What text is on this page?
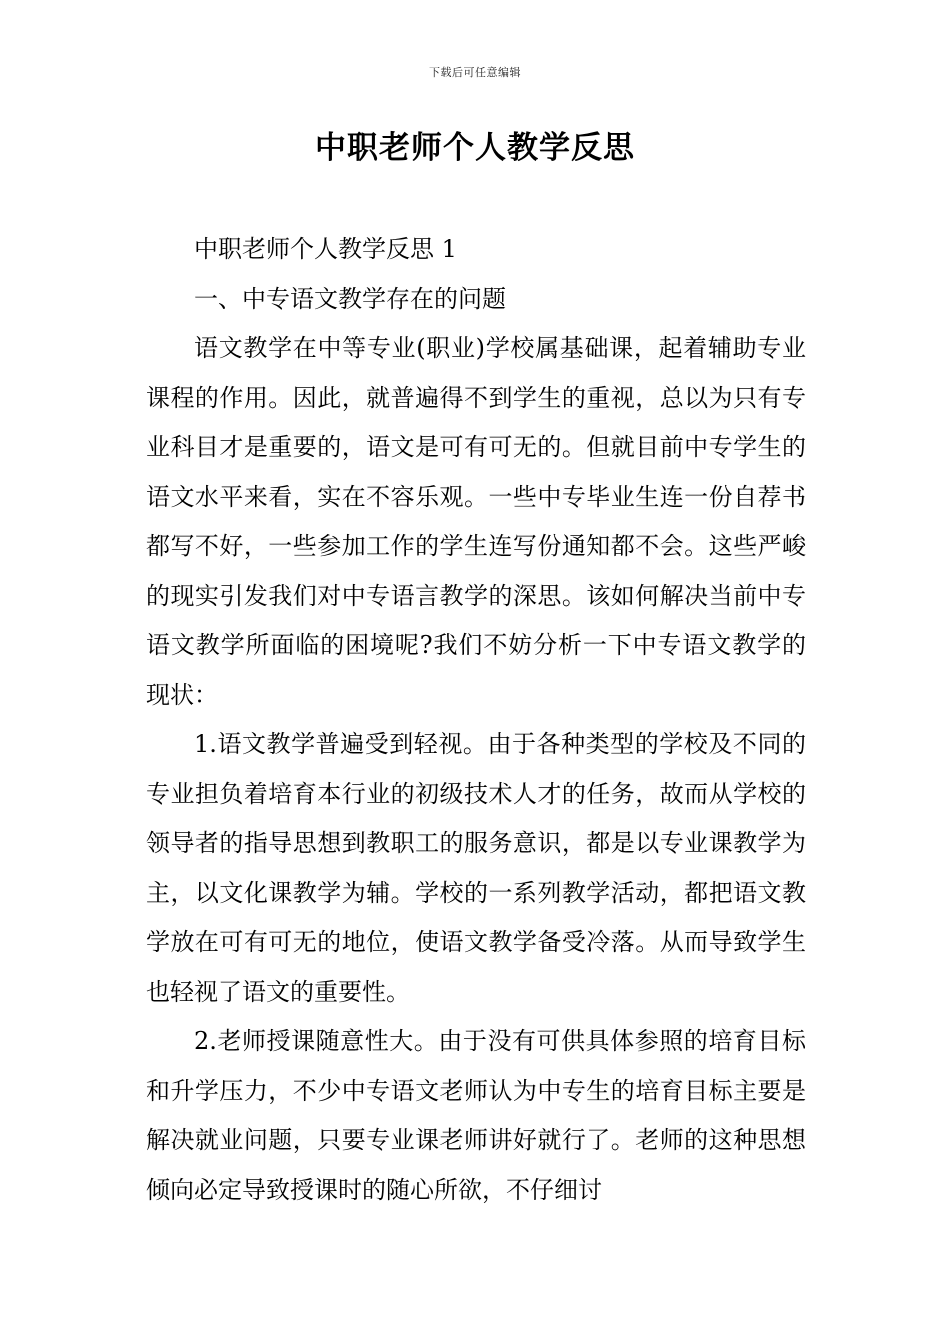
下载后可任意编辑
中职老师个人教学反思

中职老师个人教学反思 1

一、中专语文教学存在的问题

语文教学在中等专业(职业)学校属基础课，起着辅助专业课程的作用。因此，就普遍得不到学生的重视，总以为只有专业科目才是重要的，语文是可有可无的。但就目前中专学生的语文水平来看，实在不容乐观。一些中专毕业生连一份自荐书都写不好，一些参加工作的学生连写份通知都不会。这些严峻的现实引发我们对中专语言教学的深思。该如何解决当前中专语文教学所面临的困境呢?我们不妨分析一下中专语文教学的现状：

1.语文教学普遍受到轻视。由于各种类型的学校及不同的专业担负着培育本行业的初级技术人才的任务，故而从学校的领导者的指导思想到教职工的服务意识，都是以专业课教学为主，以文化课教学为辅。学校的一系列教学活动，都把语文教学放在可有可无的地位，使语文教学备受冷落。从而导致学生也轻视了语文的重要性。

2.老师授课随意性大。由于没有可供具体参照的培育目标和升学压力，不少中专语文老师认为中专生的培育目标主要是解决就业问题，只要专业课老师讲好就行了。老师的这种思想倾向必定导致授课时的随心所欲，不仔细讨
